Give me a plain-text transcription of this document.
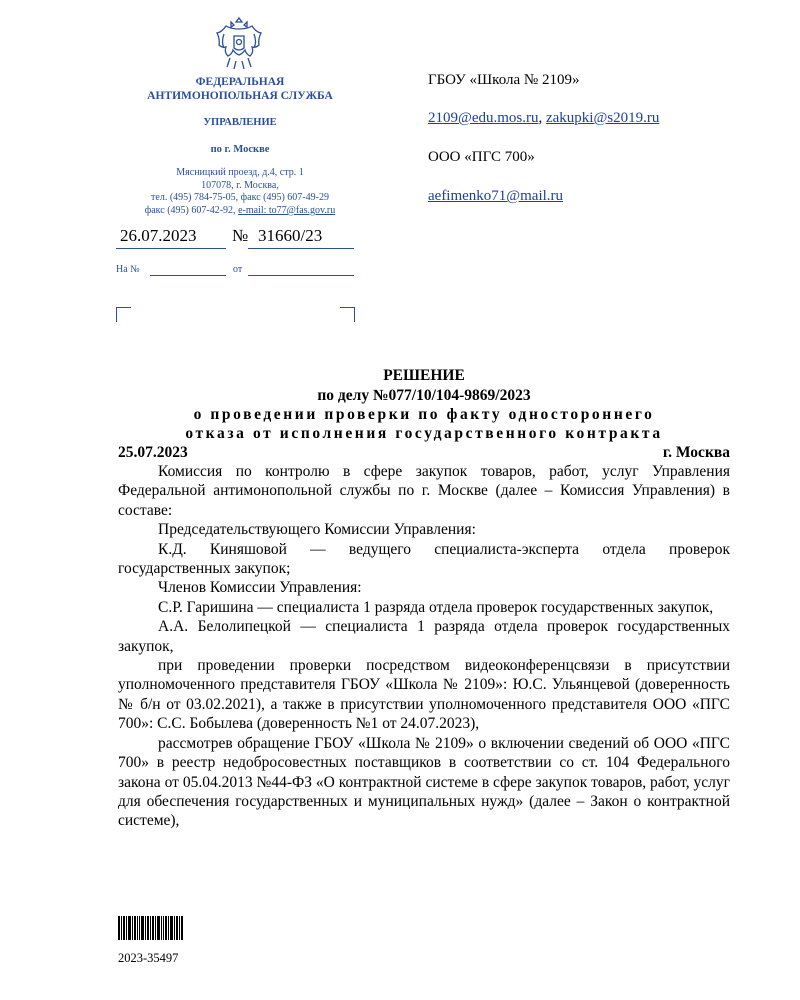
ФЕДЕРАЛЬНАЯ
АНТИМОНОПОЛЬНАЯ СЛУЖБА
УПРАВЛЕНИЕ
по г. Москве
Мясницкий проезд, д.4, стр. 1
107078, г. Москва,
тел. (495) 784-75-05, факс (495) 607-49-29
факс (495) 607-42-92, e-mail: to77@fas.gov.ru
26.07.2023 № 31660/23
На №	от
ГБОУ «Школа № 2109»
2109@edu.mos.ru, zakupki@s2019.ru
ООО «ПГС 700»
aefimenko71@mail.ru
РЕШЕНИЕ
по делу №077/10/104-9869/2023
о проведении проверки по факту одностороннего
отказа от исполнения государственного контракта
25.07.2023	г. Москва

Комиссия по контролю в сфере закупок товаров, работ, услуг Управления Федеральной антимонопольной службы по г. Москве (далее – Комиссия Управления) в составе:

Председательствующего Комиссии Управления:

К.Д. Киняшовой — ведущего специалиста-эксперта отдела проверок государственных закупок;

Членов Комиссии Управления:

С.Р. Гаришина — специалиста 1 разряда отдела проверок государственных закупок,

А.А. Белолипецкой — специалиста 1 разряда отдела проверок государственных закупок,

при проведении проверки посредством видеоконференцсвязи в присутствии уполномоченного представителя ГБОУ «Школа № 2109»: Ю.С. Ульянцевой (доверенность № б/н от 03.02.2021), а также в присутствии уполномоченного представителя ООО «ПГС 700»: С.С. Бобылева (доверенность №1 от 24.07.2023),

рассмотрев обращение ГБОУ «Школа № 2109» о включении сведений об ООО «ПГС 700» в реестр недобросовестных поставщиков в соответствии со ст. 104 Федерального закона от 05.04.2013 №44-ФЗ «О контрактной системе в сфере закупок товаров, работ, услуг для обеспечения государственных и муниципальных нужд» (далее – Закон о контрактной системе),

2023-35497
